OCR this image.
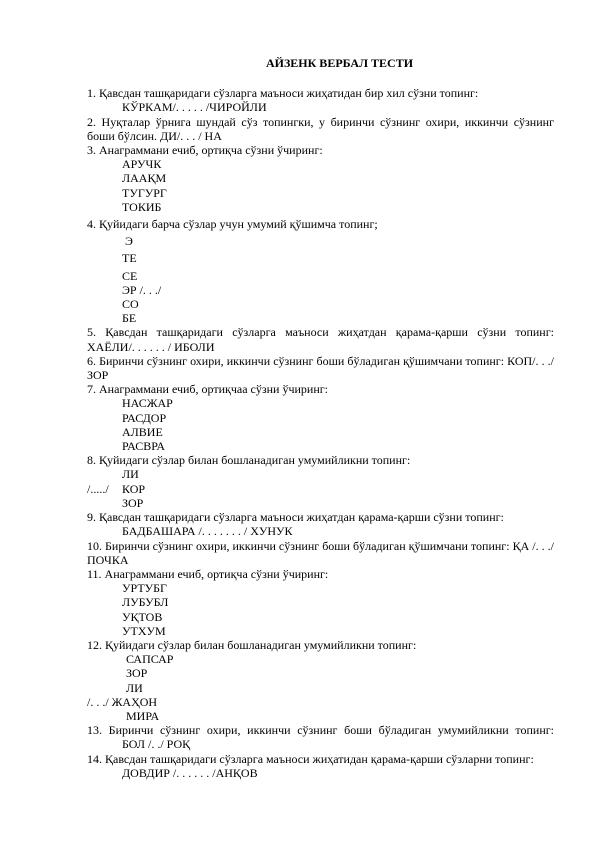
АЙЗЕНК ВЕРБАЛ ТЕСТИ
1. Қавсдан ташқаридаги сўзларга маъноси жиҳатидан бир хил сўзни топинг:
КЎРКАМ/. . . . . /ЧИРОЙЛИ
2. Нуқталар ўрнига шундай сўз топингки, у биринчи сўзнинг охири, иккинчи сўзнинг боши бўлсин. ДИ/. . . / НА
3. Анаграммани ечиб, ортиқча сўзни ўчиринг:
АРУЧК
ЛААҚМ
ТУГУРГ
ТОКИБ
4. Қуйидаги барча сўзлар учун умумий қўшимча топинг;
Э
ТЕ
СЕ
ЭР /. . ./
СО
БЕ
5. Қавсдан ташқаридаги сўзларга маъноси жиҳатдан қарама-қарши сўзни топинг: ХАЁЛИ/. . . . . . / ИБОЛИ
6. Биринчи сўзнинг охири, иккинчи сўзнинг боши бўладиган қўшимчани топинг: КОП/. . ./ ЗОР
7. Анаграммани ечиб, ортиқчаа сўзни ўчиринг:
НАСЖАР
РАСДОР
АЛВИЕ
РАСВРА
8. Қуйидаги сўзлар билан бошланадиган умумийликни топинг:
ЛИ
/...../	КОР
ЗОР
9. Қавсдан ташқаридаги сўзларга маъноси жиҳатдан қарама-қарши сўзни топинг:
БАДБАШАРА /. . . . . . . / ХУНУК
10. Биринчи сўзнинг охири, иккинчи сўзнинг боши бўладиган қўшимчани топинг: ҚА /. . ./ ПОЧКА
11. Анаграммани ечиб, ортиқча сўзни ўчиринг:
УРТУБГ
ЛУБУБЛ
УҚТОВ
УТХУМ
12. Қуйидаги сўзлар билан бошланадиган умумийликни топинг:
САПСАР
ЗОР
ЛИ
/. . ./ ЖАҲОН
МИРА
13. Биринчи сўзнинг охири, иккинчи сўзнинг боши бўладиган умумийликни топинг:
БОЛ /. ./ РОҚ
14. Қавсдан ташқаридаги сўзларга маъноси жиҳатидан қарама-қарши сўзларни топинг:
ДОВДИР /. . . . . . /АНҚОВ
